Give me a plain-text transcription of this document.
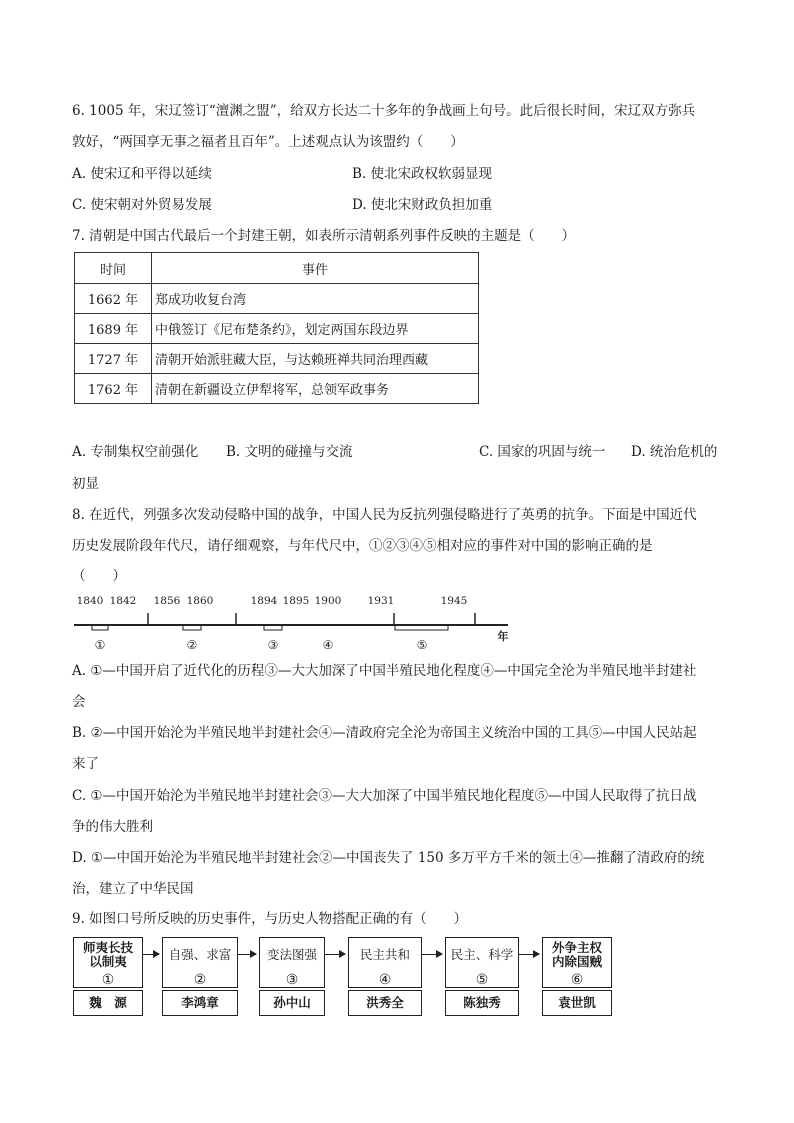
6. 1005 年，宋辽签订“澶渊之盟”，给双方长达二十多年的争战画上句号。此后很长时间，宋辽双方弥兵
敦好，“两国享无事之福者且百年”。上述观点认为该盟约（　　）
A. 使宋辽和平得以延续	B. 使北宋政权软弱显现
C. 使宋朝对外贸易发展	D. 使北宋财政负担加重
7. 清朝是中国古代最后一个封建王朝，如表所示清朝系列事件反映的主题是（　　）
时间	事件
1662 年	郑成功收复台湾
1689 年	中俄签订《尼布楚条约》，划定两国东段边界
1727 年	清朝开始派驻藏大臣，与达赖班禅共同治理西藏
1762 年	清朝在新疆设立伊犁将军，总领军政事务
A. 专制集权空前强化 B. 文明的碰撞与交流	C. 国家的巩固与统一 D. 统治危机的
初显
8. 在近代，列强多次发动侵略中国的战争，中国人民为反抗列强侵略进行了英勇的抗争。下面是中国近代
历史发展阶段年代尺，请仔细观察，与年代尺中，①②③④⑤相对应的事件对中国的影响正确的是
（　　）
1840 1842 1856 1860	1894 1895 1900	1931	1945
①	②	③	④	⑤
年
A. ①—中国开启了近代化的历程③—大大加深了中国半殖民地化程度④—中国完全沦为半殖民地半封建社
会
B. ②—中国开始沦为半殖民地半封建社会④—清政府完全沦为帝国主义统治中国的工具⑤—中国人民站起
来了
C. ①—中国开始沦为半殖民地半封建社会③—大大加深了中国半殖民地化程度⑤—中国人民取得了抗日战
争的伟大胜利
D. ①—中国开始沦为半殖民地半封建社会②—中国丧失了 150 多万平方千米的领土④—推翻了清政府的统
治，建立了中华民国
9. 如图口号所反映的历史事件，与历史人物搭配正确的有（　　）
师夷长技
以制夷
①
魏　源
自强、求富
②
李鸿章
变法图强
③
孙中山
民主共和
④
洪秀全
民主、科学
⑤
陈独秀
外争主权
内除国贼
⑥
袁世凯
